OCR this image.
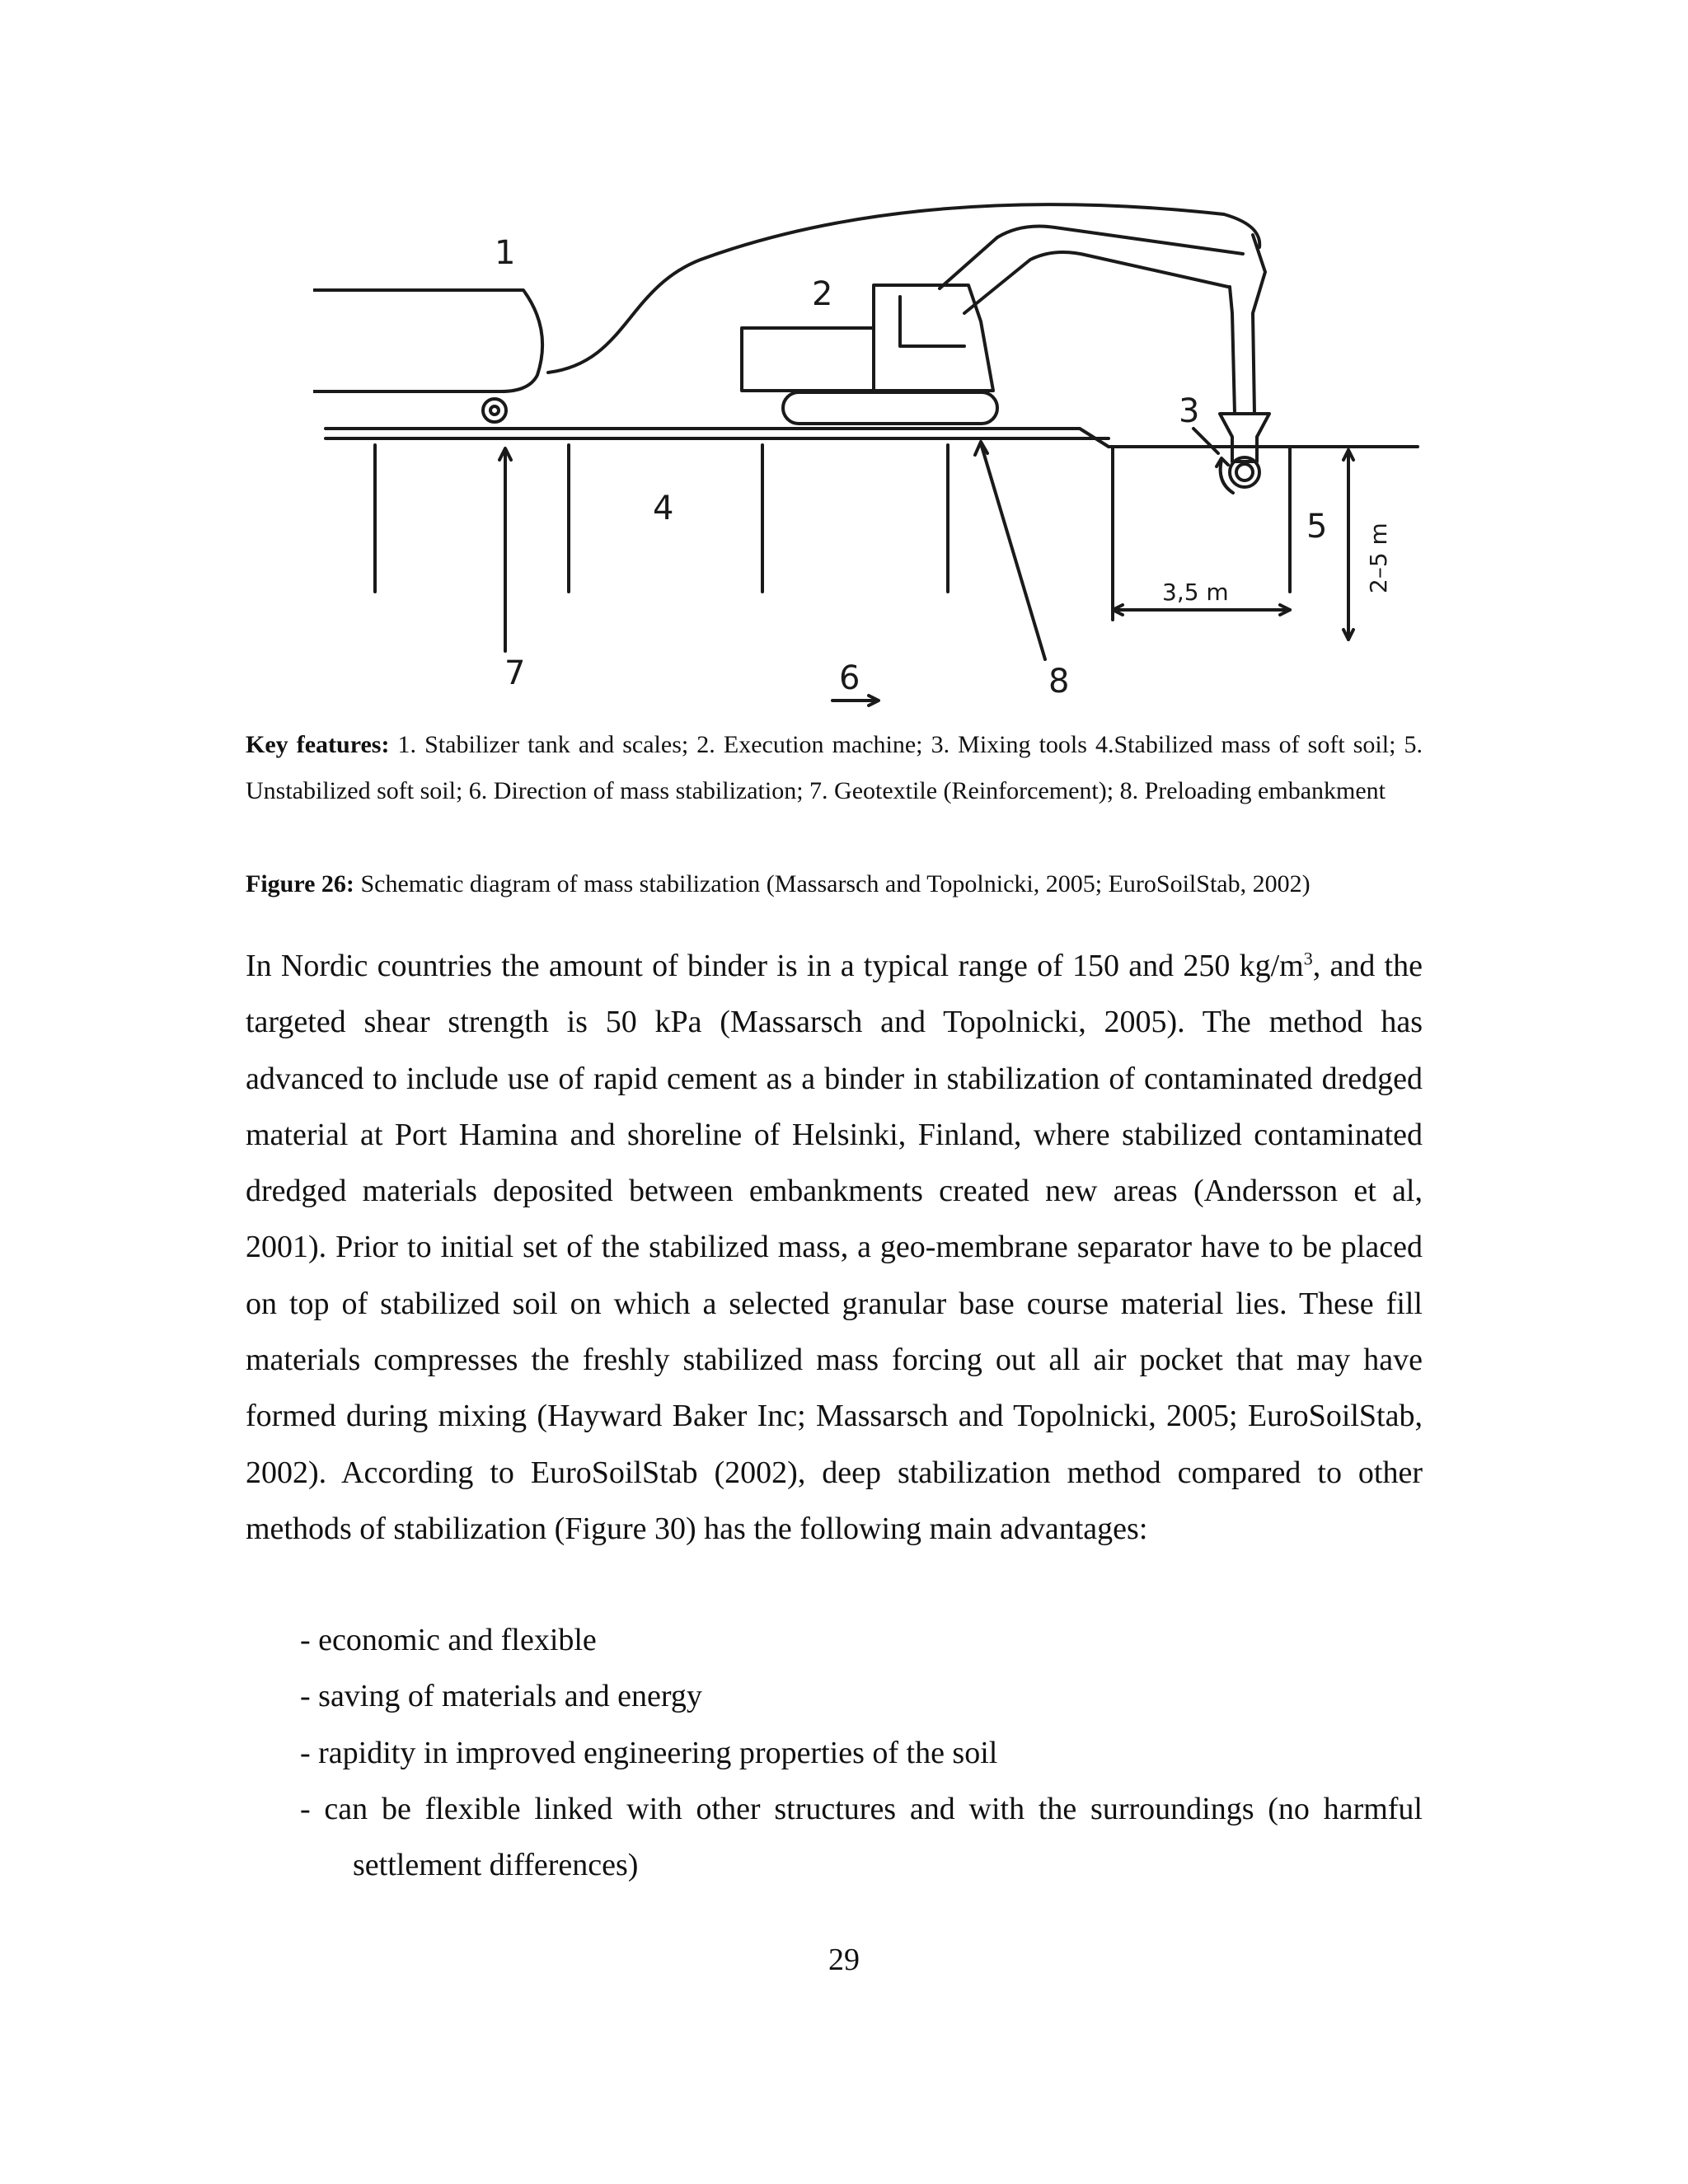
1
2
3
4	5
6
7	8
3,5 m	2–5 m
Key features: 1. Stabilizer tank and scales; 2. Execution machine; 3. Mixing tools 4.Stabilized mass of soft soil; 5. Unstabilized soft soil; 6. Direction of mass stabilization; 7. Geotextile (Reinforcement); 8. Preloading embankment
Figure 26: Schematic diagram of mass stabilization (Massarsch and Topolnicki, 2005; EuroSoilStab, 2002)
In Nordic countries the amount of binder is in a typical range of 150 and 250 $kg/m^3$, and the targeted shear strength is 50 kPa (Massarsch and Topolnicki, 2005). The method has advanced to include use of rapid cement as a binder in stabilization of contaminated dredged material at Port Hamina and shoreline of Helsinki, Finland, where stabilized contaminated dredged materials deposited between embankments created new areas (Andersson et al, 2001). Prior to initial set of the stabilized mass, a geo-membrane separator have to be placed on top of stabilized soil on which a selected granular base course material lies. These fill materials compresses the freshly stabilized mass forcing out all air pocket that may have formed during mixing (Hayward Baker Inc; Massarsch and Topolnicki, 2005; EuroSoilStab, 2002). According to EuroSoilStab (2002), deep stabilization method compared to other methods of stabilization (Figure 30) has the following main advantages:
- economic and flexible
- saving of materials and energy
- rapidity in improved engineering properties of the soil
- can be flexible linked with other structures and with the surroundings (no harmful settlement differences)
29
